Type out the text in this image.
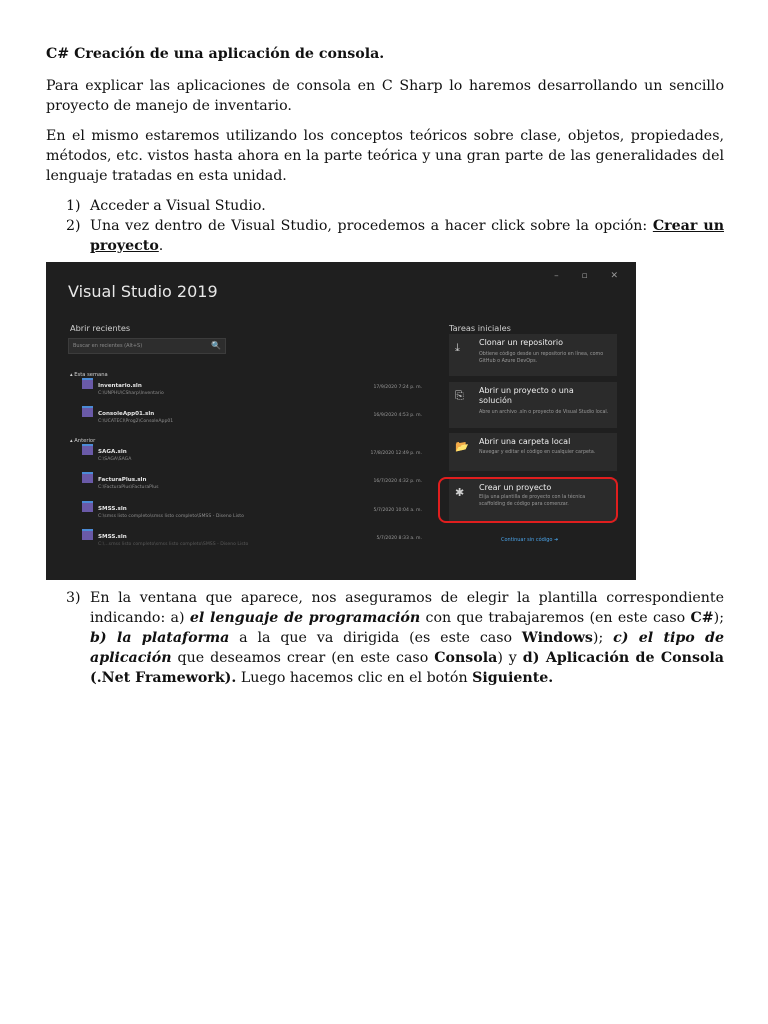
C# Creación de una aplicación de consola.

Para explicar las aplicaciones de consola en C Sharp lo haremos desarrollando un sencillo proyecto de manejo de inventario.

En el mismo estaremos utilizando los conceptos teóricos sobre clase, objetos, propiedades, métodos, etc. vistos hasta ahora en la parte teórica y una gran parte de las generalidades del lenguaje tratadas en esta unidad.

1) Acceder a Visual Studio.
2) Una vez dentro de Visual Studio, procedemos a hacer click sobre la opción: Crear un proyecto.
– ▫ ✕
Visual Studio 2019
Abrir recientes
Buscar en recientes (Alt+S)	🔍
▴ Esta semana
Inventario.sln
C:\UNPHU\CSharp\Inventario
17/9/2020 7:24 p. m.
ConsoleApp01.sln
C:\UCATECI\Prog2\ConsoleApp01
16/9/2020 4:53 p. m.
▴ Anterior
SAGA.sln
C:\SAGA\SAGA
17/8/2020 12:49 p. m.
FacturaPlus.sln
C:\FacturaPlus\FacturaPlus
16/7/2020 4:32 p. m.
SMSS.sln
C:\smss listo completo\smss listo completo\SMSS - Diseno Listo
5/7/2020 10:04 a. m.
SMSS.sln
C:\...smss listo completo\smss listo completo\SMSS - Diseno Listo
5/7/2020 8:33 a. m.
Tareas iniciales
⤓ Clonar un repositorio
Obtiene código desde un repositorio en línea, como GitHub o Azure DevOps.
⎘ Abrir un proyecto o una solución
Abre un archivo .sln o proyecto de Visual Studio local.
📂 Abrir una carpeta local
Navegar y editar el código en cualquier carpeta.
✱ Crear un proyecto
Elija una plantilla de proyecto con la técnica scaffolding de código para comenzar.
Continuar sin código ➜
3) En la ventana que aparece, nos aseguramos de elegir la plantilla correspondiente indicando: a) el lenguaje de programación con que trabajaremos (en este caso C#); b) la plataforma a la que va dirigida (es este caso Windows); c) el tipo de aplicación que deseamos crear (en este caso Consola) y d) Aplicación de Consola (.Net Framework). Luego hacemos clic en el botón Siguiente.
